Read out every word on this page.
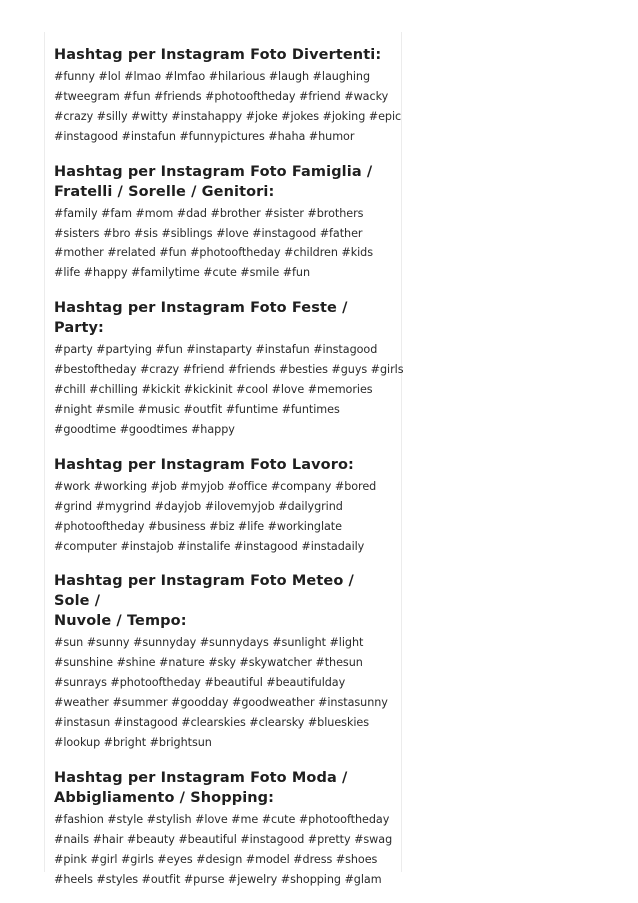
Hashtag per Instagram Foto Divertenti:
#funny #lol #lmao #lmfao #hilarious #laugh #laughing
#tweegram #fun #friends #photooftheday #friend #wacky
#crazy #silly #witty #instahappy #joke #jokes #joking #epic
#instagood #instafun #funnypictures #haha #humor
Hashtag per Instagram Foto Famiglia /
Fratelli / Sorelle / Genitori:
#family #fam #mom #dad #brother #sister #brothers
#sisters #bro #sis #siblings #love #instagood #father
#mother #related #fun #photooftheday #children #kids
#life #happy #familytime #cute #smile #fun
Hashtag per Instagram Foto Feste / Party:
#party #partying #fun #instaparty #instafun #instagood
#bestoftheday #crazy #friend #friends #besties #guys #girls
#chill #chilling #kickit #kickinit #cool #love #memories
#night #smile #music #outfit #funtime #funtimes
#goodtime #goodtimes #happy
Hashtag per Instagram Foto Lavoro:
#work #working #job #myjob #office #company #bored
#grind #mygrind #dayjob #ilovemyjob #dailygrind
#photooftheday #business #biz #life #workinglate
#computer #instajob #instalife #instagood #instadaily
Hashtag per Instagram Foto Meteo / Sole /
Nuvole / Tempo:
#sun #sunny #sunnyday #sunnydays #sunlight #light
#sunshine #shine #nature #sky #skywatcher #thesun
#sunrays #photooftheday #beautiful #beautifulday
#weather #summer #goodday #goodweather #instasunny
#instasun #instagood #clearskies #clearsky #blueskies
#lookup #bright #brightsun
Hashtag per Instagram Foto Moda /
Abbigliamento / Shopping:
#fashion #style #stylish #love #me #cute #photooftheday
#nails #hair #beauty #beautiful #instagood #pretty #swag
#pink #girl #girls #eyes #design #model #dress #shoes
#heels #styles #outfit #purse #jewelry #shopping #glam
